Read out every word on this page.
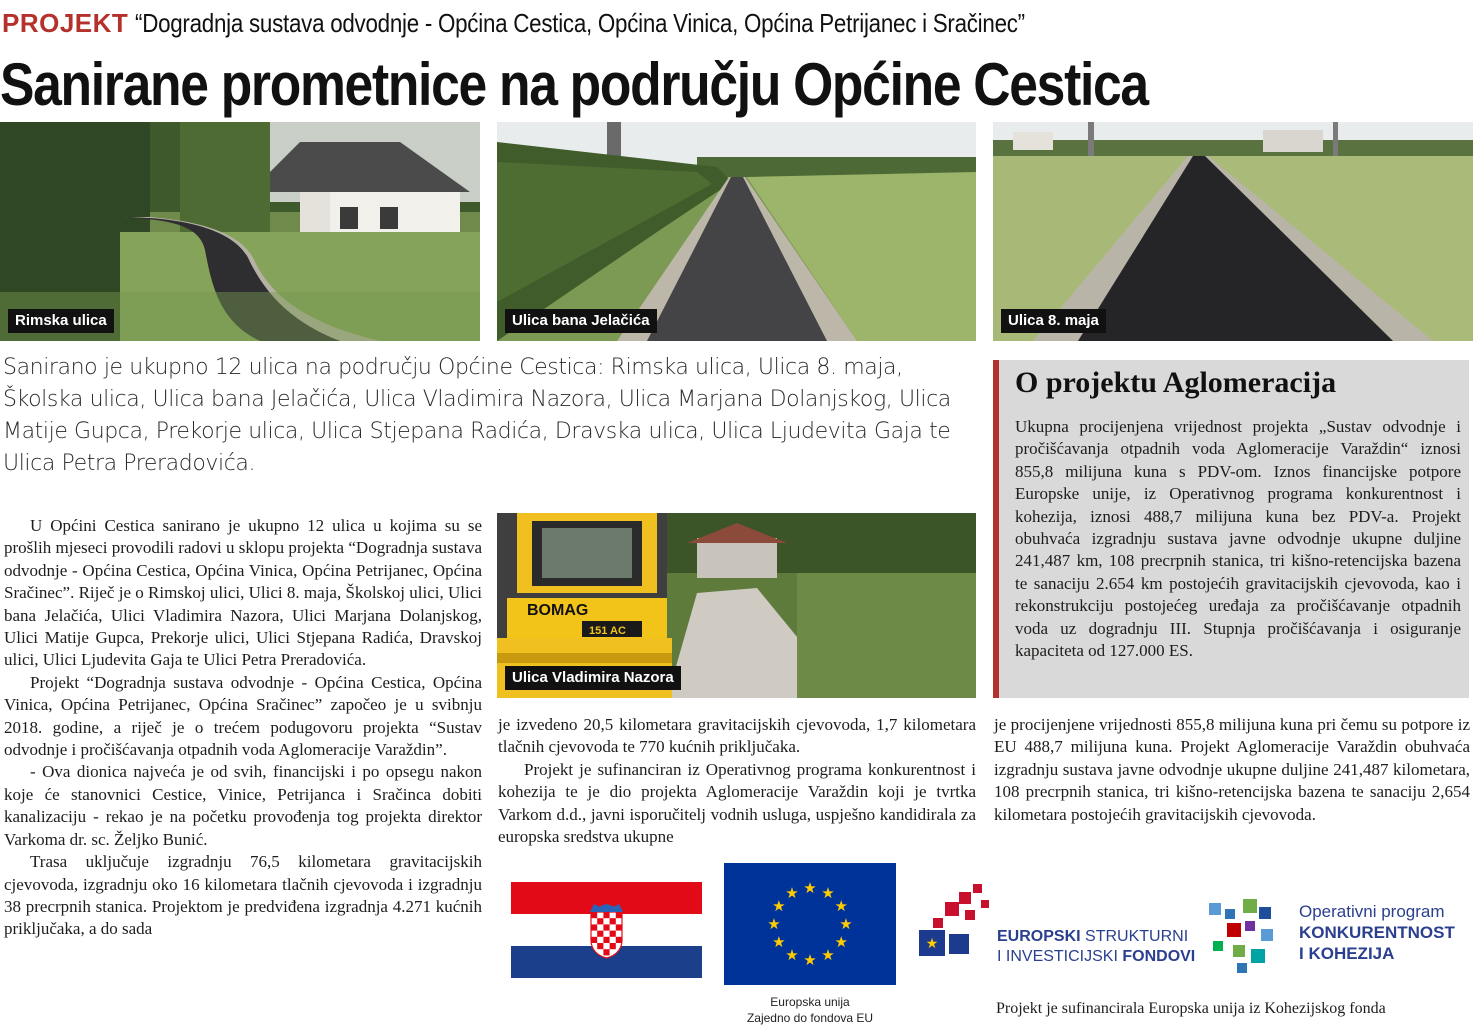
PROJEKT “Dogradnja sustava odvodnje - Općina Cestica, Općina Vinica, Općina Petrijanec i Sračinec”
Sanirane prometnice na području Općine Cestica
Rimska ulica	Ulica bana Jelačića	Ulica 8. maja
Sanirano je ukupno 12 ulica na području Općine Cestica: Rimska ulica, Ulica 8. maja, Školska ulica, Ulica bana Jelačića, Ulica Vladimira Nazora, Ulica Marjana Dolanjskog, Ulica Matije Gupca, Prekorje ulica, Ulica Stjepana Radića, Dravska ulica, Ulica Ljudevita Gaja te Ulica Petra Preradovića.
O projektu Aglomeracija
Ukupna procijenjena vrijednost projekta „Sustav odvodnje i pročišćavanja otpadnih voda Aglomeracije Varaždin“ iznosi 855,8 milijuna kuna s PDV-om. Iznos financijske potpore Europske unije, iz Operativnog programa konkurentnost i kohezija, iznosi 488,7 milijuna kuna bez PDV-a. Projekt obuhvaća izgradnju sustava javne odvodnje ukupne duljine 241,487 km, 108 precrpnih stanica, tri kišno-retencijska bazena te sanaciju 2.654 km postojećih gravitacijskih cjevovoda, kao i rekonstrukciju postojećeg uređaja za pročišćavanje otpadnih voda uz dogradnju III. Stupnja pročišćavanja i osiguranje kapaciteta od 127.000 ES.

U Općini Cestica sanirano je ukupno 12 ulica u kojima su se prošlih mjeseci provodili radovi u sklopu projekta “Dogradnja sustava odvodnje - Općina Cestica, Općina Vinica, Općina Petrijanec, Općina Sračinec”. Riječ je o Rimskoj ulici, Ulici 8. maja, Školskoj ulici, Ulici bana Jelačića, Ulici Vladimira Nazora, Ulici Marjana Dolanjskog, Ulici Matije Gupca, Prekorje ulici, Ulici Stjepana Radića, Dravskoj ulici, Ulici Ljudevita Gaja te Ulici Petra Preradovića.

Projekt “Dogradnja sustava odvodnje - Općina Cestica, Općina Vinica, Općina Petrijanec, Općina Sračinec” započeo je u svibnju 2018. godine, a riječ je o trećem podugovoru projekta “Sustav odvodnje i pročišćavanja otpadnih voda Aglomeracije Varaždin”.

- Ova dionica najveća je od svih, financijski i po opsegu nakon koje će stanovnici Cestice, Vinice, Petrijanca i Sračinca dobiti kanalizaciju - rekao je na početku provođenja tog projekta direktor Varkoma dr. sc. Željko Bunić.

Trasa uključuje izgradnju 76,5 kilometara gravitacijskih cjevovoda, izgradnju oko 16 kilometara tlačnih cjevovoda i izgradnju 38 precrpnih stanica. Projektom je predviđena izgradnja 4.271 kućnih priključaka, a do sada

BOMAG
151 AC
Ulica Vladimira Nazora

je izvedeno 20,5 kilometara gravitacijskih cjevovoda, 1,7 kilometara tlačnih cjevovoda te 770 kućnih priključaka.

Projekt je sufinanciran iz Operativnog programa konkurentnost i kohezija te je dio projekta Aglomeracije Varaždin koji je tvrtka Varkom d.d., javni isporučitelj vodnih usluga, uspješno kandidirala za europska sredstva ukupne

je procijenjene vrijednosti 855,8 milijuna kuna pri čemu su potpore iz EU 488,7 milijuna kuna. Projekt Aglomeracije Varaždin obuhvaća izgradnju sustava javne odvodnje ukupne duljine 241,487 kilometara, 108 precrpnih stanica, tri kišno-retencijska bazena te sanaciju 2,654 kilometara postojećih gravitacijskih cjevovoda.

★ ★
★
★
★
★
★
★
★
★
★
★
Europska unija
Zajedno do fondova EU
★	EUROPSKI STRUKTURNI
I INVESTICIJSKI FONDOVI
Operativni program
KONKURENTNOST
I KOHEZIJA
Projekt je sufinancirala Europska unija iz Kohezijskog fonda
